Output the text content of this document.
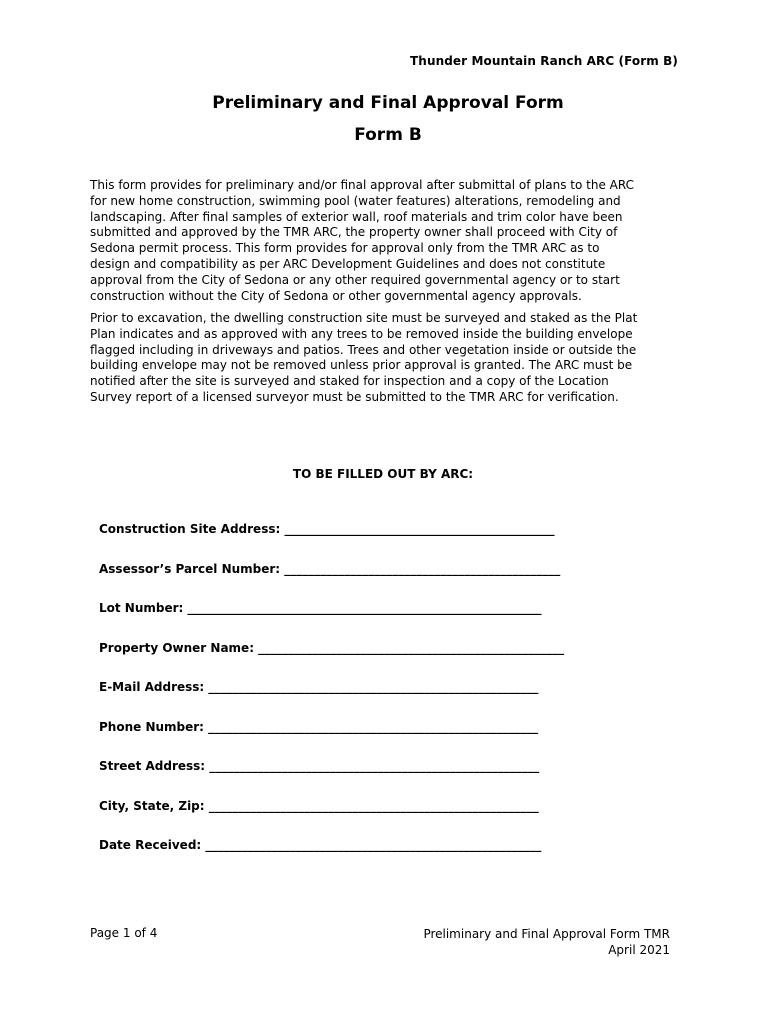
Thunder Mountain Ranch ARC (Form B)
Preliminary and Final Approval Form
Form B

This form provides for preliminary and/or final approval after submittal of plans to the ARC
for new home construction, swimming pool (water features) alterations, remodeling and
landscaping. After final samples of exterior wall, roof materials and trim color have been
submitted and approved by the TMR ARC, the property owner shall proceed with City of
Sedona permit process. This form provides for approval only from the TMR ARC as to
design and compatibility as per ARC Development Guidelines and does not constitute
approval from the City of Sedona or any other required governmental agency or to start
construction without the City of Sedona or other governmental agency approvals.

Prior to excavation, the dwelling construction site must be surveyed and staked as the Plat
Plan indicates and as approved with any trees to be removed inside the building envelope
flagged including in driveways and patios. Trees and other vegetation inside or outside the
building envelope may not be removed unless prior approval is granted. The ARC must be
notified after the site is surveyed and staked for inspection and a copy of the Location
Survey report of a licensed surveyor must be submitted to the TMR ARC for verification.

TO BE FILLED OUT BY ARC:
Construction Site Address: _____________________________________________
Assessor’s Parcel Number: ______________________________________________
Lot Number: ___________________________________________________________
Property Owner Name: ___________________________________________________
E-Mail Address: _______________________________________________________
Phone Number: _______________________________________________________
Street Address: _______________________________________________________
City, State, Zip: _______________________________________________________
Date Received: ________________________________________________________
Page 1 of 4	Preliminary and Final Approval Form TMR
April 2021
